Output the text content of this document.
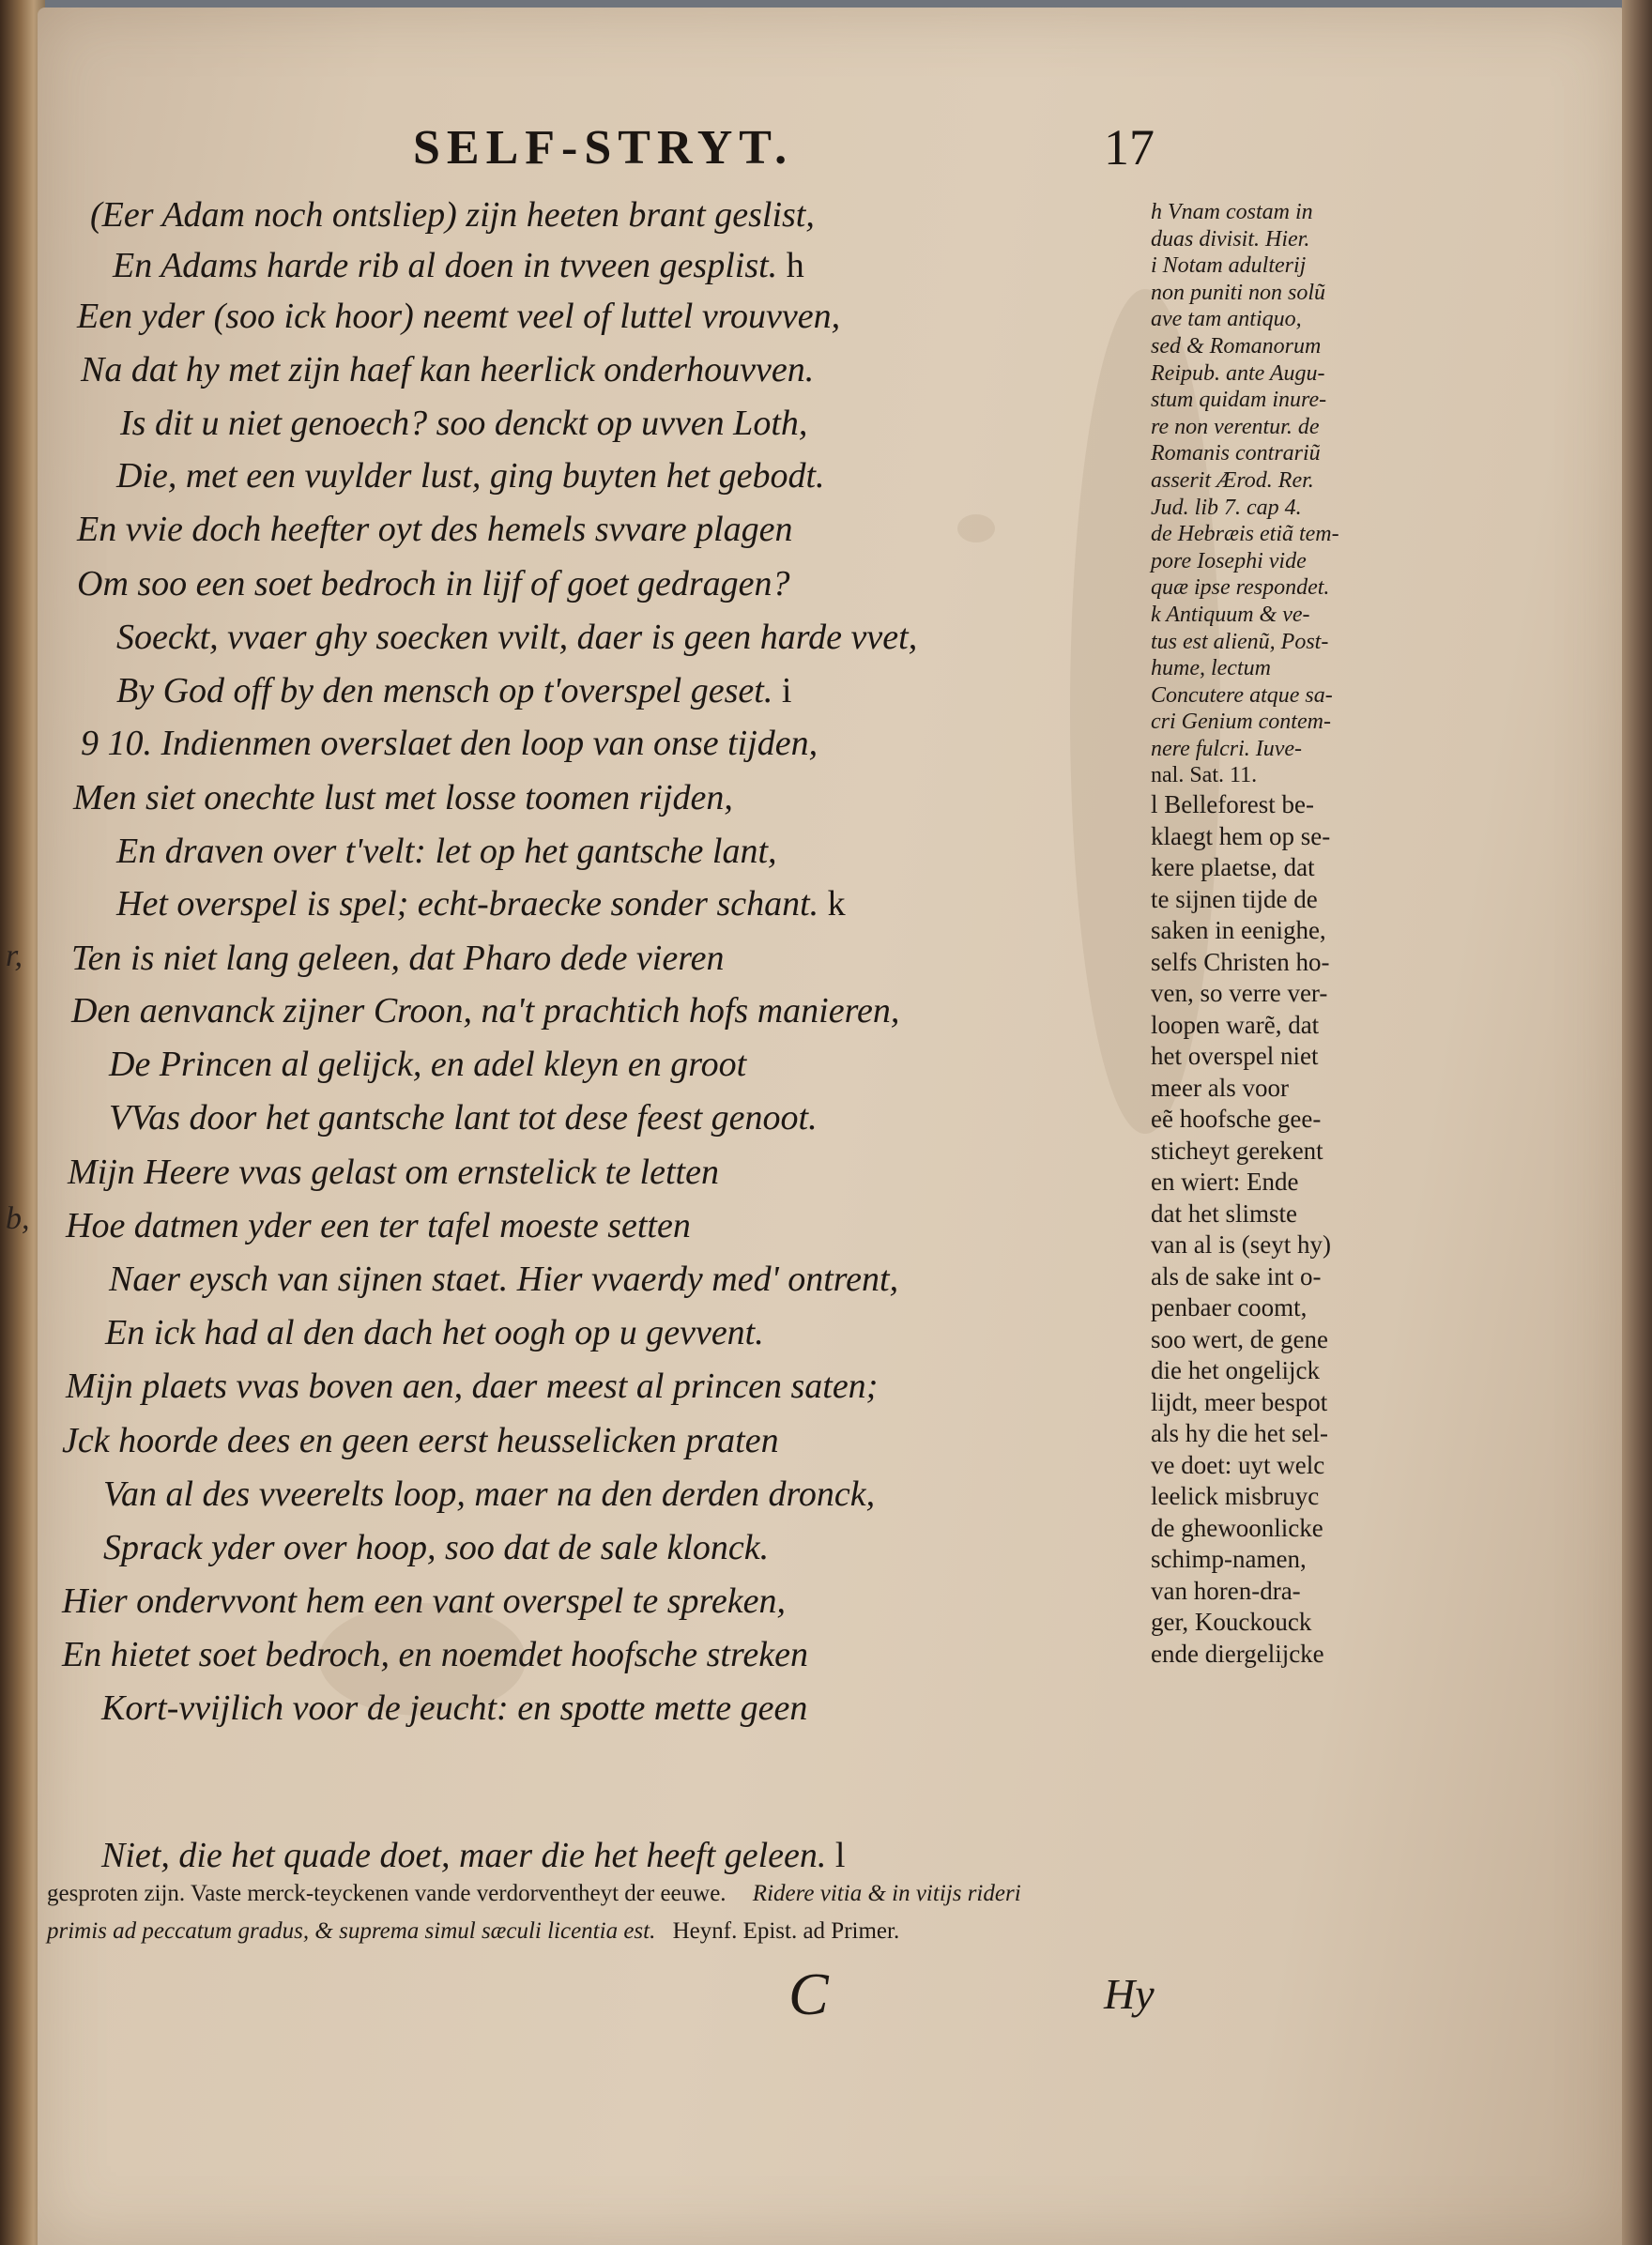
r,
b,
SELF-STRYT.	17
(Eer Adam noch ontsliep) zijn heeten brant geslist,
En Adams harde rib al doen in tvveen gesplist. h
Een yder (soo ick hoor) neemt veel of luttel vrouvven,
Na dat hy met zijn haef kan heerlick onderhouvven.
Is dit u niet genoech? soo denckt op uvven Loth,
Die, met een vuylder lust, ging buyten het gebodt.
En vvie doch heefter oyt des hemels svvare plagen
Om soo een soet bedroch in lijf of goet gedragen?
Soeckt, vvaer ghy soecken vvilt, daer is geen harde vvet,
By God off by den mensch op t'overspel geset. i
9 10. Indienmen overslaet den loop van onse tijden,
Men siet onechte lust met losse toomen rijden,
En draven over t'velt: let op het gantsche lant,
Het overspel is spel; echt-braecke sonder schant. k
Ten is niet lang geleen, dat Pharo dede vieren
Den aenvanck zijner Croon, na't prachtich hofs manieren,
De Princen al gelijck, en adel kleyn en groot
VVas door het gantsche lant tot dese feest genoot.
Mijn Heere vvas gelast om ernstelick te letten
Hoe datmen yder een ter tafel moeste setten
Naer eysch van sijnen staet. Hier vvaerdy med' ontrent,
En ick had al den dach het oogh op u gevvent.
Mijn plaets vvas boven aen, daer meest al princen saten;
Jck hoorde dees en geen eerst heusselicken praten
Van al des vveerelts loop, maer na den derden dronck,
Sprack yder over hoop, soo dat de sale klonck.
Hier ondervvont hem een vant overspel te spreken,
En hietet soet bedroch, en noemdet hoofsche streken
Kort-vvijlich voor de jeucht: en spotte mette geen
Niet, die het quade doet, maer die het heeft geleen. l
h Vnam costam in
duas divisit. Hier.
i Notam adulterij
non puniti non solũ
ave tam antiquo,
sed & Romanorum
Reipub. ante Augu-
stum quidam inure-
re non verentur. de
Romanis contrariũ
asserit Ærod. Rer.
Jud. lib 7. cap 4.
de Hebræis etiã tem-
pore Iosephi vide
quæ ipse respondet.
k Antiquum & ve-
tus est alienũ, Post-
hume, lectum
Concutere atque sa-
cri Genium contem-
nere fulcri. Iuve-
nal. Sat. 11.
l Belleforest be-
klaegt hem op se-
kere plaetse, dat
te sijnen tijde de
saken in eenighe,
selfs Christen ho-
ven, so verre ver-
loopen warẽ, dat
het overspel niet
meer als voor
eẽ hoofsche gee-
sticheyt gerekent
en wiert: Ende
dat het slimste
van al is (seyt hy)
als de sake int o-
penbaer coomt,
soo wert, de gene
die het ongelijck
lijdt, meer bespot
als hy die het sel-
ve doet: uyt welc
leelick misbruyc
de ghewoonlicke
schimp-namen,
van horen-dra-
ger, Kouckouck
ende diergelijcke
gesproten zijn. Vaste merck-teyckenen vande verdorventheyt der eeuwe. Ridere vitia & in vitijs rideri
primis ad peccatum gradus, & suprema simul sæculi licentia est. Heynf. Epist. ad Primer.
C	Hy
